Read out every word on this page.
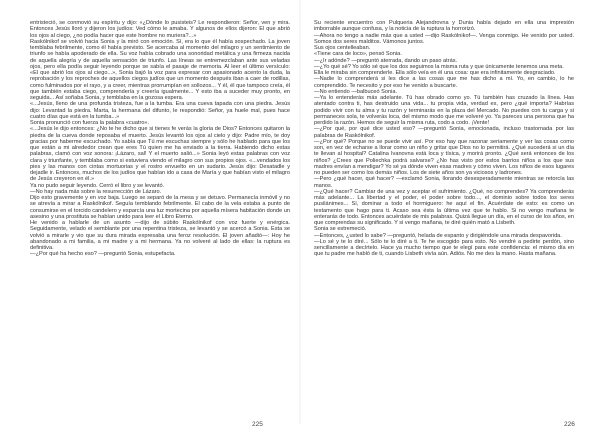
entristeció, se conmovió su espíritu y dijo: «¿Dónde lo pusisteis? Le respondieron: Señor, ven y mira. Entonces Jesús lloró y dijeron los judíos: Ved cómo le amaba. Y algunos de ellos dijeron: El que abrió los ojos al ciego, ¿no podía hacer que este hombre no muriera?...»

Raskólnikof se volvió hacia Sonia y la miró con emoción. Sí, era lo que él había sospechado. La joven temblaba febrilmente, como él había previsto. Se acercaba al momento del milagro y un sentimiento de triunfo se había apoderado de ella. Su voz había cobrado una sonoridad metálica y una firmeza nacida de aquella alegría y de aquella sensación de triunfo. Las líneas se entremezclaban ante sus veladas ojos, pero ella podía seguir leyendo porque se sabía el pasaje de memoria. Al leer el último versículo: «El que abrió los ojos al ciego...», Sonia bajó la voz para expresar con apasionado acento la duda, la reprobación y los reproches de aquellos ciegos judíos que un momento después iban a caer de rodillas, como fulminados por el rayo, y a creer, mientras prorrumpían en sollozos... Y él, él que tampoco creía, él que también estaba ciego, comprendería y creería igualmente... Y esto iba a suceder muy pronto, en seguida... Así soñaba Sonia, y temblaba en la gozosa espera.

«...Jesús, lleno de una profunda tristeza, fue a la tumba. Era una cueva tapada con una piedra. Jesús dijo: Levantad la piedra. Marta, la hermana del difunto, le respondió: Señor, ya huele mal, pues hace cuatro días que está en la tumba...»

Sonia pronunció con fuerza la palabra «cuatro».

«...Jesús le dijo entonces: ¿No te he dicho que si tienes fe verás la gloria de Dios? Entonces quitaron la piedra de la cueva donde reposaba el muerto. Jesús levantó los ojos al cielo y dijo: Padre mío, te doy gracias por haberme escuchado. Yo sabía que Tú me escuchas siempre y sólo he hablado para que los que están a mi alrededor crean que eres Tú quien me ha enviado a la tierra. Habiendo dicho estas palabras, clamó con voz sonora: ¡Lázaro, sal! Y el muerto salió...» Sonia leyó estas palabras con voz clara y triunfante, y temblaba como si estuviera viendo el milagro con sus propios ojos. «...vendados los pies y las manos con cintas mortuorias y el rostro envuelto en un sudario. Jesús dijo: Desatadle y dejadle ir. Entonces, muchos de los judíos que habían ido a casa de María y que habían visto el milagro de Jesús creyeron en él.»

Ya no pudo seguir leyendo. Cerró el libro y se levantó.

—No hay nada más sobre la resurrección de Lázaro.

Dijo esto gravemente y en voz baja. Luego se separó de la mesa y se detuvo. Permanecía inmóvil y no se atrevía a mirar a Raskólnikof. Seguía temblando febrilmente. El cabo de la vela estaba a punto de consumirse en el torcido candelero y esparcía una luz mortecina por aquella mísera habitación donde un asesino y una prostituta se habían unido para leer el Libro Eterno.

He venido a hablarle de un asunto —dijo de súbito Raskólnikof con voz fuerte y enérgica. Seguidamente, velado el semblante por una repentina tristeza, se levantó y se acercó a Sonia. Esta se volvió a mirarle y vio que su dura mirada expresaba una feroz resolución. El joven añadió—: Hoy he abandonado a mi familia, a mi madre y a mi hermana. Ya no volveré al lado de ellas: la ruptura es definitiva.

—¿Por qué ha hecho eso? —preguntó Sonia, estupefacta.

225

Su reciente encuentro con Pulqueria Alejandrovna y Dunia había dejado en ella una impresión imborrable aunque confusa, y la noticia de la ruptura la horrorizó.

—Ahora no tengo a nadie más que a usted —dijo Raskólnikof—. Venga conmigo. He venido por usted. Somos dos seres malditos. Vámonos juntos.

Sus ojos centelleaban.

«Tiene cara de loco», pensó Sonia.

—¿Ir adónde? —preguntó aterrada, dando un paso atrás.

—¿Yo qué sé? Yo sólo sé que los dos seguimos la misma ruta y que únicamente tenemos una meta.

Ella le miraba sin comprenderle. Ella sólo veía en él una cosa: que era infinitamente desgraciado.

—Nadie lo comprenderá si les dice a las cosas que me has dicho a mí. Yo, en cambio, lo he comprendido. Te necesito y por eso he venido a buscarte.

—No entiendo —balbuceó Sonia.

—Ya lo entenderás más adelante. Tú has obrado como yo. Tú también has cruzado la línea. Has atentado contra ti, has destruido una vida... tu propia vida, verdad es, pero ¿qué importa? Habrías podido vivir con tu alma y tu razón y terminarás en la plaza del Mercado. No puedes con tu carga y si permaneces sola, te volverás loca, del mismo modo que me volveré yo. Ya pareces una persona que ha perdido la razón. Hemos de seguir la misma ruta, codo a codo. ¡Vente!

—¿Por qué, por qué dice usted eso? —preguntó Sonia, emocionada, incluso trastornada por las palabras de Raskólnikof.

—¿Por qué? Porque no se puede vivir así. Por eso hay que razonar seriamente y ver las cosas como son, en vez de echarse a llorar como un niño y gritar que Dios no lo permitirá. ¿Qué sucederá si un día te llevan al hospital? Catalina Ivanovna está loca y tísica, y morirá pronto. ¿Qué será entonces de los niños? ¿Crees que Poliechka podrá salvarse? ¿No has visto por estos barrios niños a los que sus madres envían a mendigar? Yo sé ya dónde viven esas madres y cómo viven. Los niños de esos lugares no pueden ser como los demás niños. Los de siete años son ya viciosos y ladrones.

—Pero ¿qué hacer, qué hacer? —exclamó Sonia, llorando desesperadamente mientras se retorcía las manos.

—¿Qué hacer? Cambiar de una vez y aceptar el sufrimiento. ¿Qué, no comprendes? Ya comprenderás más adelante... La libertad y el poder, el poder sobre todo..., el dominio sobre todos los seres pusilánimes... Sí, dominar a todo el hormiguero: he aquí el fin. Acuérdate de esto: es como un testamento que hago para ti. Acaso sea ésta la última vez que te hablo. Si no vengo mañana te enterarás de todo. Entonces acuérdate de mis palabras. Quizá llegue un día, en el curso de los años, en que comprendas su significado. Y si vengo mañana, te diré quién mató a Lisbeth.

Sonia se estremeció.

—Entonces, ¿usted lo sabe? —preguntó, helada de espanto y dirigiéndole una mirada despavorida.

—Lo sé y te lo diré... Sólo te lo diré a ti. Te he escogido para esto. No vendré a pedirte perdón, sino sencillamente a decírtelo. Hace ya mucho tiempo que te elegí para este confidencia: el mismo día en que tu padre me habló de ti, cuando Lisbeth vivía aún. Adiós. No me des la mano. Hasta mañana.

226
